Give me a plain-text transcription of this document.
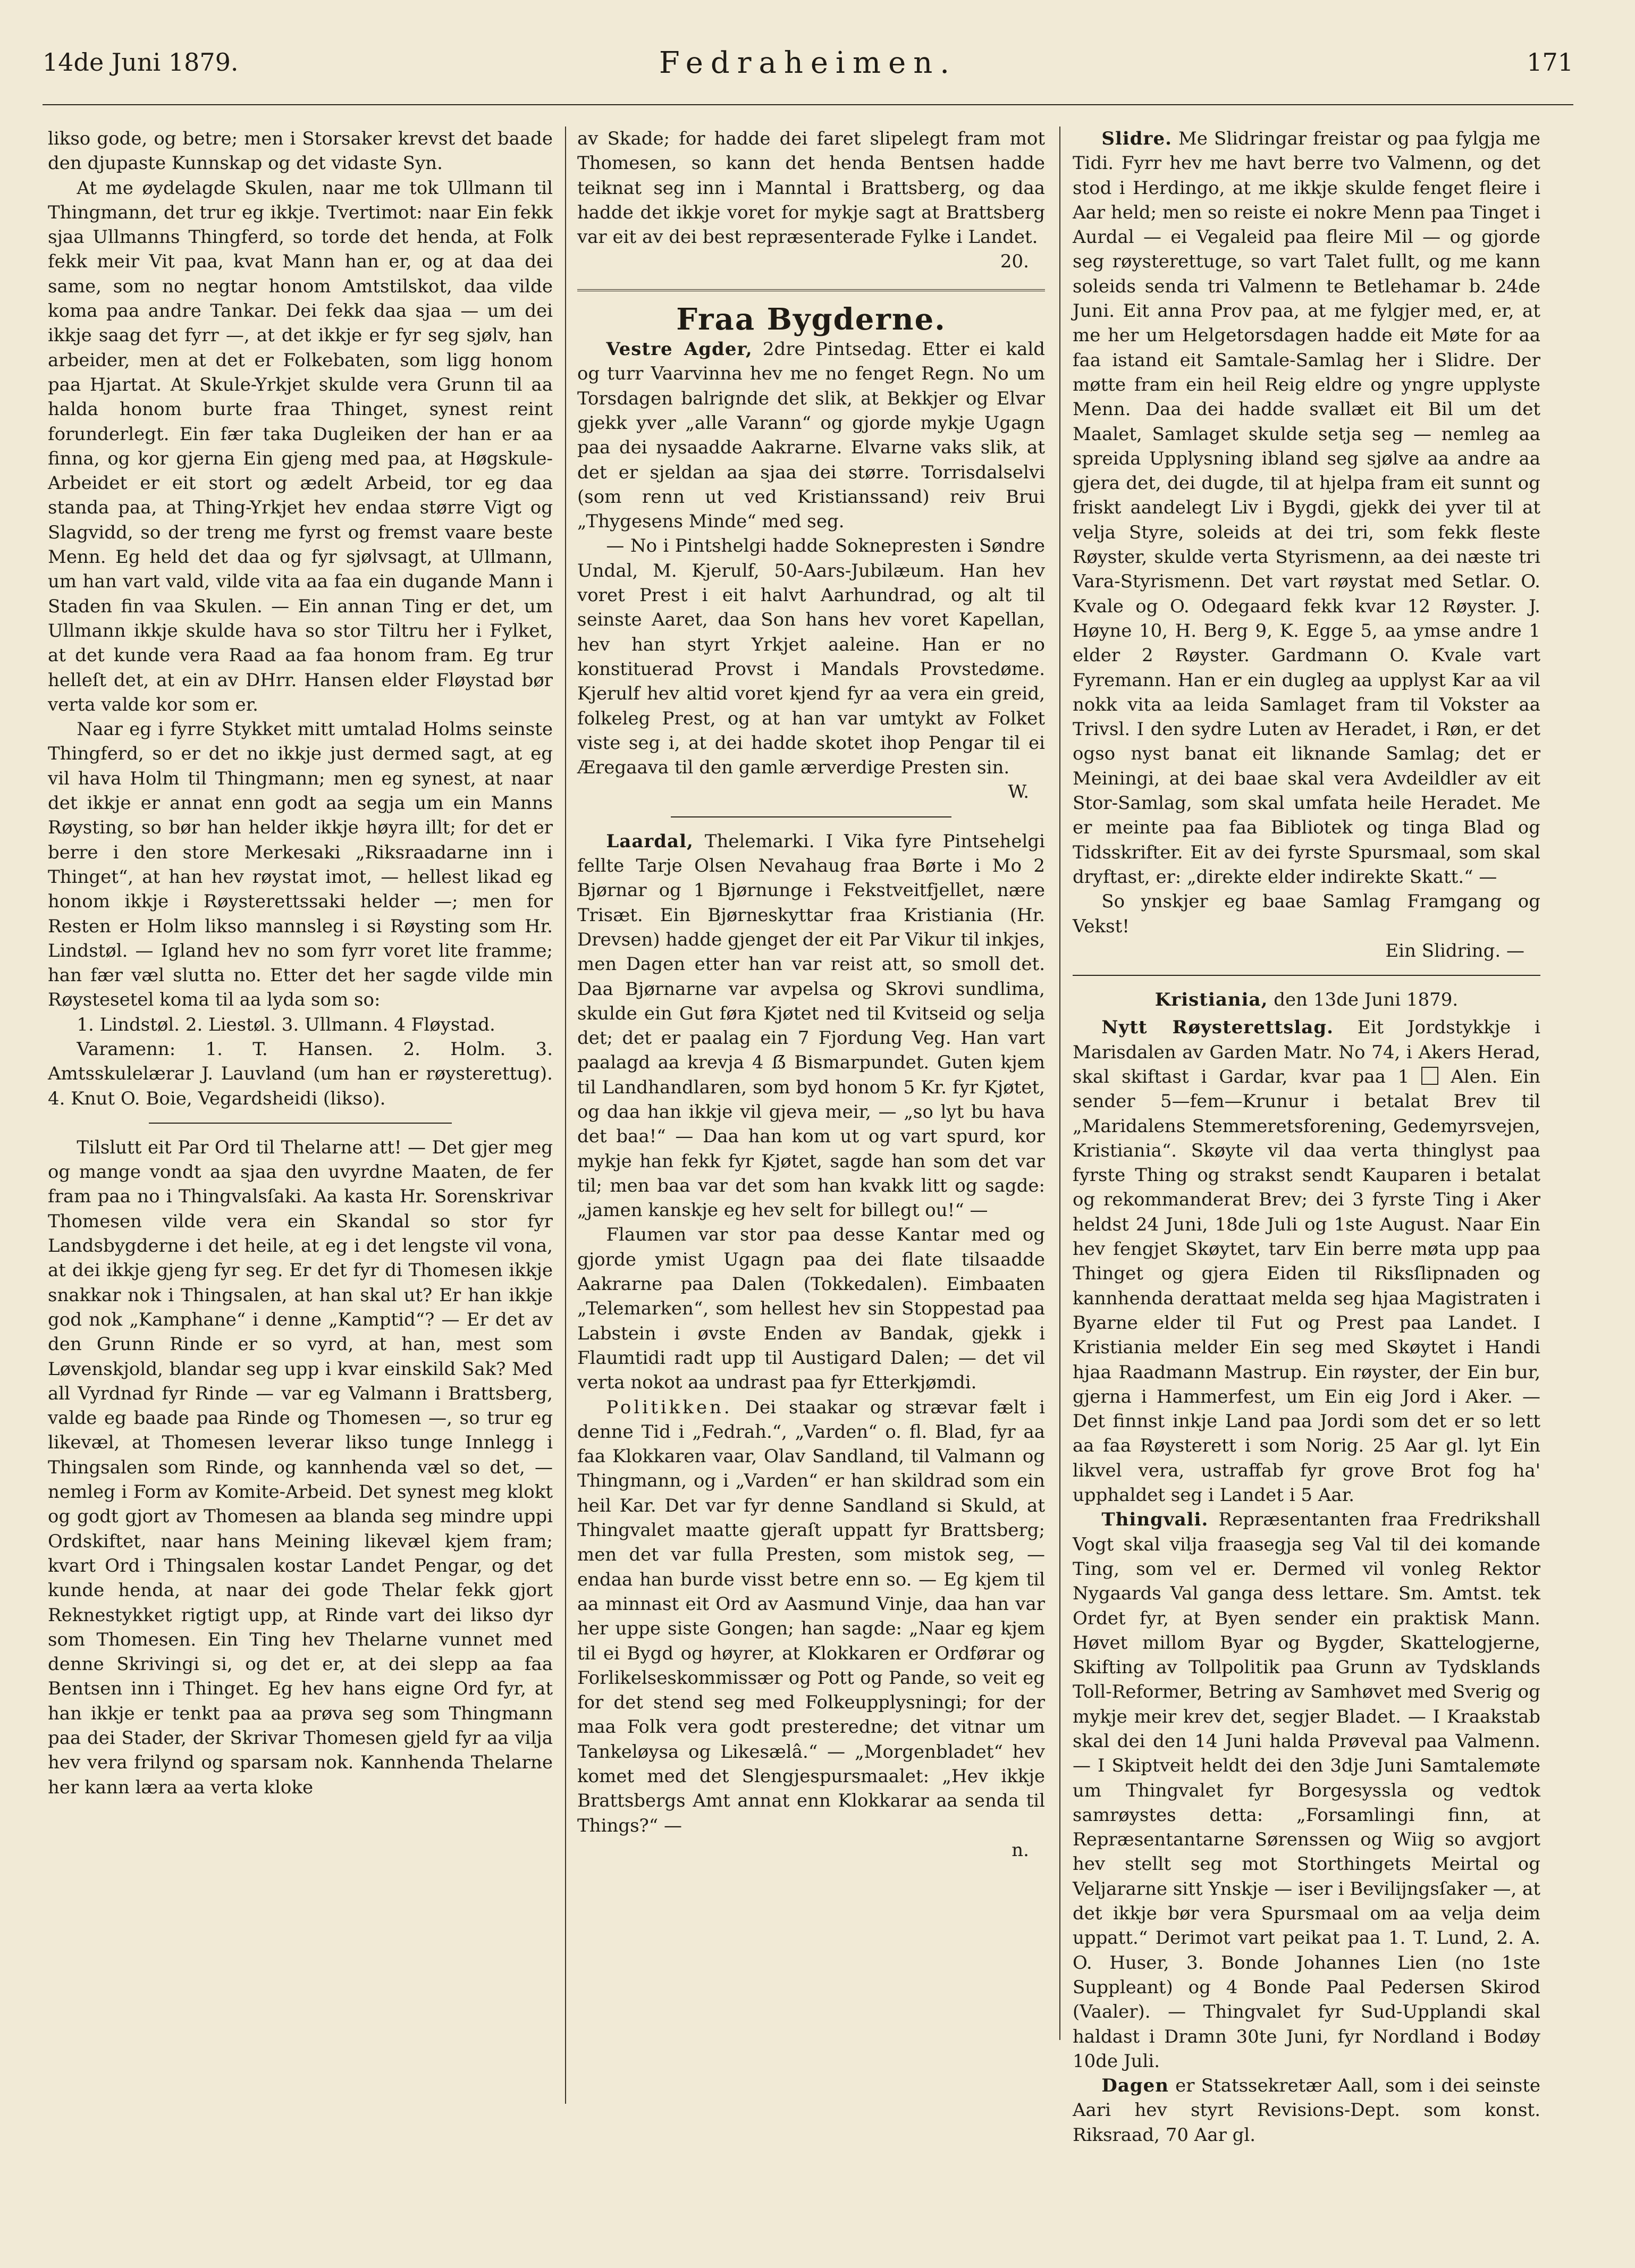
14de Juni 1879.	Fedraheimen.	171

likso gode, og betre; men i Storsaker krevst det baade den djupaste Kunnskap og det vidaste Syn.

At me øydelagde Skulen, naar me tok Ullmann til Thingmann, det trur eg ikkje. Tvertimot: naar Ein fekk sjaa Ullmanns Thingferd, so torde det henda, at Folk fekk meir Vit paa, kvat Mann han er, og at daa dei same, som no negtar honom Amtstilskot, daa vilde koma paa andre Tankar. Dei fekk daa sjaa — um dei ikkje saag det fyrr —, at det ikkje er fyr seg sjølv, han arbeider, men at det er Folkebaten, som ligg honom paa Hjartat. At Skule-Yrkjet skulde vera Grunn til aa halda honom burte fraa Thinget, synest reint forunderlegt. Ein fær taka Dugleiken der han er aa finna, og kor gjerna Ein gjeng med paa, at Høgskule-Arbeidet er eit stort og ædelt Arbeid, tor eg daa standa paa, at Thing-Yrkjet hev endaa større Vigt og Slagvidd, so der treng me fyrst og fremst vaare beste Menn. Eg held det daa og fyr sjølvsagt, at Ullmann, um han vart vald, vilde vita aa faa ein dugande Mann i Staden fin vaa Skulen. — Ein annan Ting er det, um Ullmann ikkje skulde hava so stor Tiltru her i Fylket, at det kunde vera Raad aa faa honom fram. Eg trur helleſt det, at ein av DHrr. Hansen elder Fløystad bør verta valde kor som er.

Naar eg i fyrre Stykket mitt umtalad Holms seinste Thingferd, so er det no ikkje just dermed sagt, at eg vil hava Holm til Thingmann; men eg synest, at naar det ikkje er annat enn godt aa segja um ein Manns Røysting, so bør han helder ikkje høyra illt; for det er berre i den store Merkesaki „Riksraadarne inn i Thinget“, at han hev røystat imot, — hellest likad eg honom ikkje i Røysterettssaki helder —; men for Resten er Holm likso mannsleg i si Røysting som Hr. Lindstøl. — Igland hev no som fyrr voret lite framme; han fær væl slutta no. Etter det her sagde vilde min Røystesetel koma til aa lyda som so:

1. Lindstøl. 2. Liestøl. 3. Ullmann. 4 Fløystad.

Varamenn: 1. T. Hansen. 2. Holm. 3. Amtsskulelærar J. Lauvland (um han er røysterettug). 4. Knut O. Boie, Vegardsheidi (likso).

Tilslutt eit Par Ord til Thelarne att! — Det gjer meg og mange vondt aa sjaa den uvyrdne Maaten, de fer fram paa no i Thingvalsſaki. Aa kasta Hr. Sorenskrivar Thomesen vilde vera ein Skandal so stor fyr Landsbygderne i det heile, at eg i det lengste vil vona, at dei ikkje gjeng fyr seg. Er det fyr di Thomesen ikkje snakkar nok i Thingsalen, at han skal ut? Er han ikkje god nok „Kamphane“ i denne „Kamptid“? — Er det av den Grunn Rinde er so vyrd, at han, mest som Løvenskjold, blandar seg upp i kvar einskild Sak? Med all Vyrdnad fyr Rinde — var eg Valmann i Brattsberg, valde eg baade paa Rinde og Thomesen —, so trur eg likevæl, at Thomesen leverar likso tunge Innlegg i Thingsalen som Rinde, og kannhenda væl so det, — nemleg i Form av Komite-Arbeid. Det synest meg klokt og godt gjort av Thomesen aa blanda seg mindre uppi Ordskiftet, naar hans Meining likevæl kjem fram; kvart Ord i Thingsalen kostar Landet Pengar, og det kunde henda, at naar dei gode Thelar fekk gjort Reknestykket rigtigt upp, at Rinde vart dei likso dyr som Thomesen. Ein Ting hev Thelarne vunnet med denne Skrivingi si, og det er, at dei slepp aa faa Bentsen inn i Thinget. Eg hev hans eigne Ord fyr, at han ikkje er tenkt paa aa prøva seg som Thingmann paa dei Stader, der Skrivar Thomesen gjeld fyr aa vilja hev vera frilynd og sparsam nok. Kannhenda Thelarne her kann læra aa verta kloke

av Skade; for hadde dei faret slipelegt fram mot Thomesen, so kann det henda Bentsen hadde teiknat seg inn i Manntal i Brattsberg, og daa hadde det ikkje voret for mykje sagt at Brattsberg var eit av dei best repræsenterade Fylke i Landet.

20.

Fraa Bygderne.

Vestre Agder, 2dre Pintsedag. Etter ei kald og turr Vaarvinna hev me no fenget Regn. No um Torsdagen balrignde det slik, at Bekkjer og Elvar gjekk yver „alle Varann“ og gjorde mykje Ugagn paa dei nysaadde Aakrarne. Elvarne vaks slik, at det er sjeldan aa sjaa dei større. Torrisdalselvi (som renn ut ved Kristianssand) reiv Brui „Thygesens Minde“ med seg.

— No i Pintshelgi hadde Soknepresten i Søndre Undal, M. Kjerulf, 50-Aars-Jubilæum. Han hev voret Prest i eit halvt Aarhundrad, og alt til seinste Aaret, daa Son hans hev voret Kapellan, hev han styrt Yrkjet aaleine. Han er no konstituerad Provst i Mandals Provstedøme. Kjerulf hev altid voret kjend fyr aa vera ein greid, folkeleg Prest, og at han var umtykt av Folket viste seg i, at dei hadde skotet ihop Pengar til ei Æregaava til den gamle ærverdige Presten sin.

W.

Laardal, Thelemarki. I Vika fyre Pintsehelgi fellte Tarje Olsen Nevahaug fraa Børte i Mo 2 Bjørnar og 1 Bjørnunge i Fekstveitfjellet, nære Trisæt. Ein Bjørneskyttar fraa Kristiania (Hr. Drevsen) hadde gjenget der eit Par Vikur til inkjes, men Dagen etter han var reist att, so smoll det. Daa Bjørnarne var avpelsa og Skrovi sundlima, skulde ein Gut føra Kjøtet ned til Kvitseid og selja det; det er paalag ein 7 Fjordung Veg. Han vart paalagd aa krevja 4 ẞ Bismarpundet. Guten kjem til Landhandlaren, som byd honom 5 Kr. fyr Kjøtet, og daa han ikkje vil gjeva meir, — „so lyt bu hava det baa!“ — Daa han kom ut og vart spurd, kor mykje han fekk fyr Kjøtet, sagde han som det var til; men baa var det som han kvakk litt og sagde: „jamen kanskje eg hev selt for billegt ou!“ —

Flaumen var stor paa desse Kantar med og gjorde ymist Ugagn paa dei flate tilsaadde Aakrarne paa Dalen (Tokkedalen). Eimbaaten „Telemarken“, som hellest hev sin Stoppestad paa Labstein i øvste Enden av Bandak, gjekk i Flaumtidi radt upp til Austigard Dalen; — det vil verta nokot aa undrast paa fyr Etterkjømdi.

Politikken. Dei staakar og strævar fælt i denne Tid i „Fedrah.“, „Varden“ o. fl. Blad, fyr aa faa Klokkaren vaar, Olav Sandland, til Valmann og Thingmann, og i „Varden“ er han skildrad som ein heil Kar. Det var fyr denne Sandland si Skuld, at Thingvalet maatte gjeraſt uppatt fyr Brattsberg; men det var fulla Presten, som mistok seg, — endaa han burde visst betre enn so. — Eg kjem til aa minnast eit Ord av Aasmund Vinje, daa han var her uppe siste Gongen; han sagde: „Naar eg kjem til ei Bygd og høyrer, at Klokkaren er Ordførar og Forlikelseskommissær og Pott og Pande, so veit eg for det stend seg med Folkeupplysningi; for der maa Folk vera godt presteredne; det vitnar um Tankeløysa og Likesælâ.“ — „Morgenbladet“ hev komet med det Slengjespursmaalet: „Hev ikkje Brattsbergs Amt annat enn Klokkarar aa senda til Things?“ —

n.

Slidre. Me Slidringar freistar og paa fylgja me Tidi. Fyrr hev me havt berre tvo Valmenn, og det stod i Herdingo, at me ikkje skulde fenget fleire i Aar held; men so reiste ei nokre Menn paa Tinget i Aurdal — ei Vegaleid paa fleire Mil — og gjorde seg røysterettuge, so vart Talet fullt, og me kann soleids senda tri Valmenn te Betlehamar b. 24de Juni. Eit anna Prov paa, at me fylgjer med, er, at me her um Helgetorsdagen hadde eit Møte for aa faa istand eit Samtale-Samlag her i Slidre. Der møtte fram ein heil Reig eldre og yngre upplyste Menn. Daa dei hadde svallæt eit Bil um det Maalet, Samlaget skulde setja seg — nemleg aa spreida Upplysning ibland seg sjølve aa andre aa gjera det, dei dugde, til at hjelpa fram eit sunnt og friskt aandelegt Liv i Bygdi, gjekk dei yver til at velja Styre, soleids at dei tri, som fekk fleste Røyster, skulde verta Styrismenn, aa dei næste tri Vara-Styrismenn. Det vart røystat med Setlar. O. Kvale og O. Odegaard fekk kvar 12 Røyster. J. Høyne 10, H. Berg 9, K. Egge 5, aa ymse andre 1 elder 2 Røyster. Gardmann O. Kvale vart Fyremann. Han er ein dugleg aa upplyst Kar aa vil nokk vita aa leida Samlaget fram til Vokster aa Trivsl. I den sydre Luten av Heradet, i Røn, er det ogso nyst banat eit liknande Samlag; det er Meiningi, at dei baae skal vera Avdeildler av eit Stor-Samlag, som skal umfata heile Heradet. Me er meinte paa faa Bibliotek og tinga Blad og Tidsskrifter. Eit av dei fyrste Spursmaal, som skal dryftast, er: „direkte elder indirekte Skatt.“ —

So ynskjer eg baae Samlag Framgang og Vekst!

Ein Slidring. —

Kristiania, den 13de Juni 1879.

Nytt Røysterettslag. Eit Jordstykkje i Marisdalen av Garden Matr. No 74, i Akers Herad, skal skiftast i Gardar, kvar paa 1  Alen. Ein sender 5—fem—Krunur i betalat Brev til „Maridalens Stemmeretsforening, Gedemyrsvejen, Kristiania“. Skøyte vil daa verta thinglyst paa fyrste Thing og strakst sendt Kauparen i betalat og rekommanderat Brev; dei 3 fyrste Ting i Aker heldst 24 Juni, 18de Juli og 1ste August. Naar Ein hev fengjet Skøytet, tarv Ein berre møta upp paa Thinget og gjera Eiden til Riksſlipnaden og kannhenda derattaat melda seg hjaa Magistraten i Byarne elder til Fut og Prest paa Landet. I Kristiania melder Ein seg med Skøytet i Handi hjaa Raadmann Mastrup. Ein røyster, der Ein bur, gjerna i Hammerfest, um Ein eig Jord i Aker. — Det finnst inkje Land paa Jordi som det er so lett aa faa Røysterett i som Norig. 25 Aar gl. lyt Ein likvel vera, ustraffab fyr grove Brot fog ha' upphaldet seg i Landet i 5 Aar.

Thingvali. Repræsentanten fraa Fredrikshall Vogt skal vilja fraasegja seg Val til dei komande Ting, som vel er. Dermed vil vonleg Rektor Nygaards Val ganga dess lettare. Sm. Amtst. tek Ordet fyr, at Byen sender ein praktisk Mann. Høvet millom Byar og Bygder, Skattelogjerne, Skifting av Tollpolitik paa Grunn av Tydsklands Toll-Reformer, Betring av Samhøvet med Sverig og mykje meir krev det, segjer Bladet. — I Kraakstab skal dei den 14 Juni halda Prøveval paa Valmenn. — I Skiptveit heldt dei den 3dje Juni Samtalemøte um Thingvalet fyr Borgesyssla og vedtok samrøystes detta: „Forsamlingi finn, at Repræsentantarne Sørenssen og Wiig so avgjort hev stellt seg mot Storthingets Meirtal og Veljararne sitt Ynskje — iser i Bevilijngsſaker —, at det ikkje bør vera Spursmaal om aa velja deim uppatt.“ Derimot vart peikat paa 1. T. Lund, 2. A. O. Huser, 3. Bonde Johannes Lien (no 1ste Suppleant) og 4 Bonde Paal Pedersen Skirod (Vaaler). — Thingvalet fyr Sud-Upplandi skal haldast i Dramn 30te Juni, fyr Nordland i Bodøy 10de Juli.

Dagen er Statssekretær Aall, som i dei seinste Aari hev styrt Revisions-Dept. som konst. Riksraad, 70 Aar gl.
